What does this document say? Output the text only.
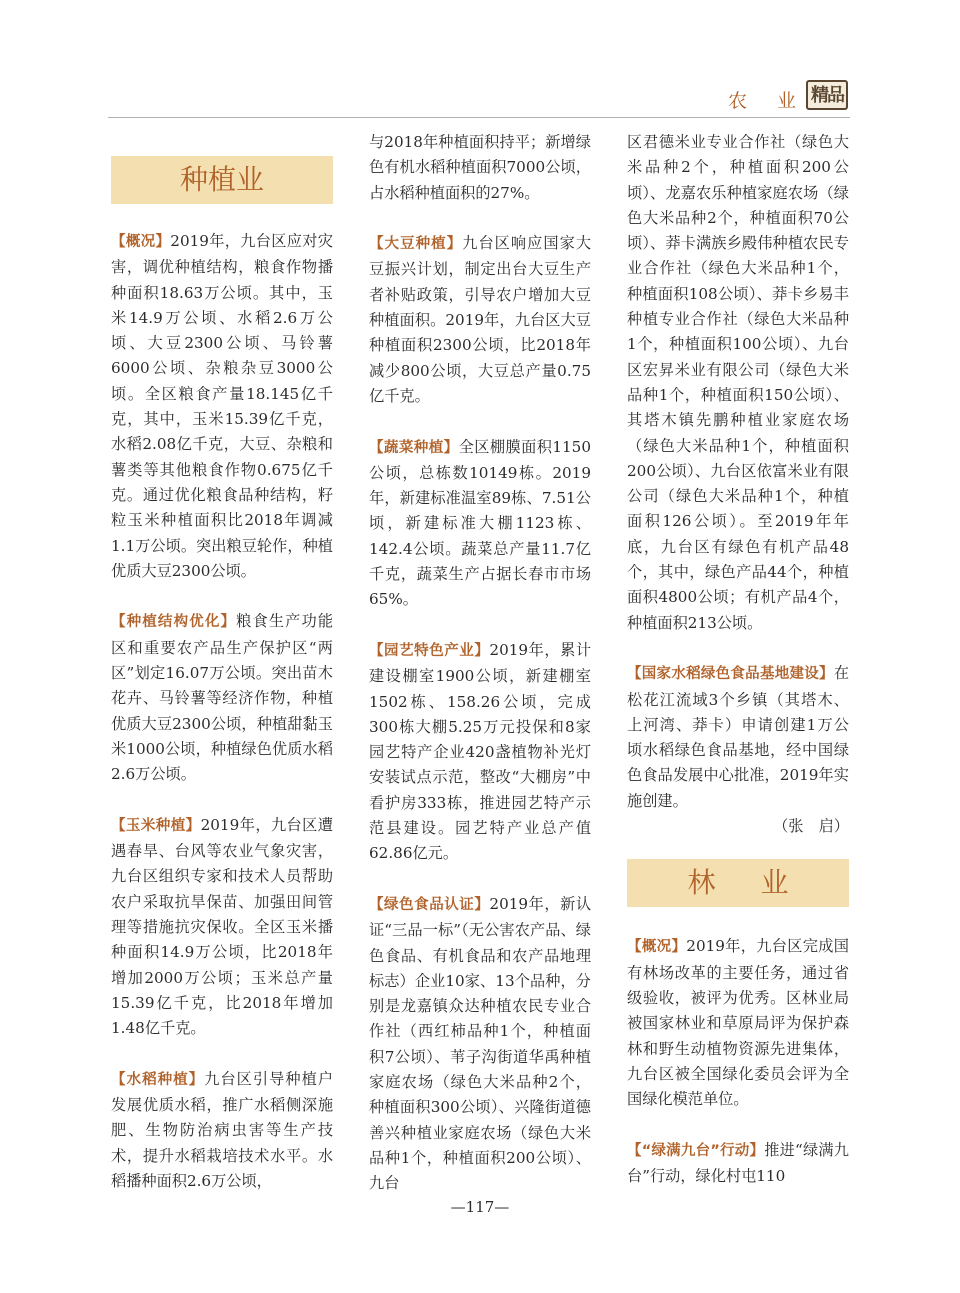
农 业 精品
种植业

【概况】2019年，九台区应对灾害，调优种植结构，粮食作物播种面积18.63万公顷。其中，玉米14.9万公顷、水稻2.6万公顷、大豆2300公顷、马铃薯6000公顷、杂粮杂豆3000公顷。全区粮食产量18.145亿千克，其中，玉米15.39亿千克，水稻2.08亿千克，大豆、杂粮和薯类等其他粮食作物0.675亿千克。通过优化粮食品种结构，籽粒玉米种植面积比2018年调减1.1万公顷。突出粮豆轮作，种植优质大豆2300公顷。

【种植结构优化】粮食生产功能区和重要农产品生产保护区“两区”划定16.07万公顷。突出苗木花卉、马铃薯等经济作物，种植优质大豆2300公顷，种植甜黏玉米1000公顷，种植绿色优质水稻2.6万公顷。

【玉米种植】2019年，九台区遭遇春旱、台风等农业气象灾害，九台区组织专家和技术人员帮助农户采取抗旱保苗、加强田间管理等措施抗灾保收。全区玉米播种面积14.9万公顷，比2018年增加2000万公顷；玉米总产量15.39亿千克，比2018年增加1.48亿千克。

【水稻种植】九台区引导种植户发展优质水稻，推广水稻侧深施肥、生物防治病虫害等生产技术，提升水稻栽培技术水平。水稻播种面积2.6万公顷，

与2018年种植面积持平；新增绿色有机水稻种植面积7000公顷，占水稻种植面积的27%。

【大豆种植】九台区响应国家大豆振兴计划，制定出台大豆生产者补贴政策，引导农户增加大豆种植面积。2019年，九台区大豆种植面积2300公顷，比2018年减少800公顷，大豆总产量0.75亿千克。

【蔬菜种植】全区棚膜面积1150公顷，总栋数10149栋。2019年，新建标准温室89栋、7.51公顷，新建标准大棚1123栋、142.4公顷。蔬菜总产量11.7亿千克，蔬菜生产占据长春市市场65%。

【园艺特色产业】2019年，累计建设棚室1900公顷，新建棚室1502栋、158.26公顷，完成300栋大棚5.25万元投保和8家园艺特产企业420盏植物补光灯安装试点示范，整改“大棚房”中看护房333栋，推进园艺特产示范县建设。园艺特产业总产值62.86亿元。

【绿色食品认证】2019年，新认证“三品一标”（无公害农产品、绿色食品、有机食品和农产品地理标志）企业10家、13个品种，分别是龙嘉镇众达种植农民专业合作社（西红柿品种1个，种植面积7公顷）、苇子沟街道华禹种植家庭农场（绿色大米品种2个，种植面积300公顷）、兴隆街道德善兴种植业家庭农场（绿色大米品种1个，种植面积200公顷）、九台

区君德米业专业合作社（绿色大米品种2个，种植面积200公顷）、龙嘉农乐种植家庭农场（绿色大米品种2个，种植面积70公顷）、莽卡满族乡殿伟种植农民专业合作社（绿色大米品种1个，种植面积108公顷）、莽卡乡易丰种植专业合作社（绿色大米品种1个，种植面积100公顷）、九台区宏昇米业有限公司（绿色大米品种1个，种植面积150公顷）、其塔木镇先鹏种植业家庭农场（绿色大米品种1个，种植面积200公顷）、九台区依富米业有限公司（绿色大米品种1个，种植面积126公顷）。至2019年年底，九台区有绿色有机产品48个，其中，绿色产品44个，种植面积4800公顷；有机产品4个，种植面积213公顷。

【国家水稻绿色食品基地建设】在松花江流域3个乡镇（其塔木、上河湾、莽卡）申请创建1万公顷水稻绿色食品基地，经中国绿色食品发展中心批准，2019年实施创建。

（张　启）

林 业

【概况】2019年，九台区完成国有林场改革的主要任务，通过省级验收，被评为优秀。区林业局被国家林业和草原局评为保护森林和野生动植物资源先进集体，九台区被全国绿化委员会评为全国绿化模范单位。

【“绿满九台”行动】推进“绿满九台”行动，绿化村屯110

—117—
